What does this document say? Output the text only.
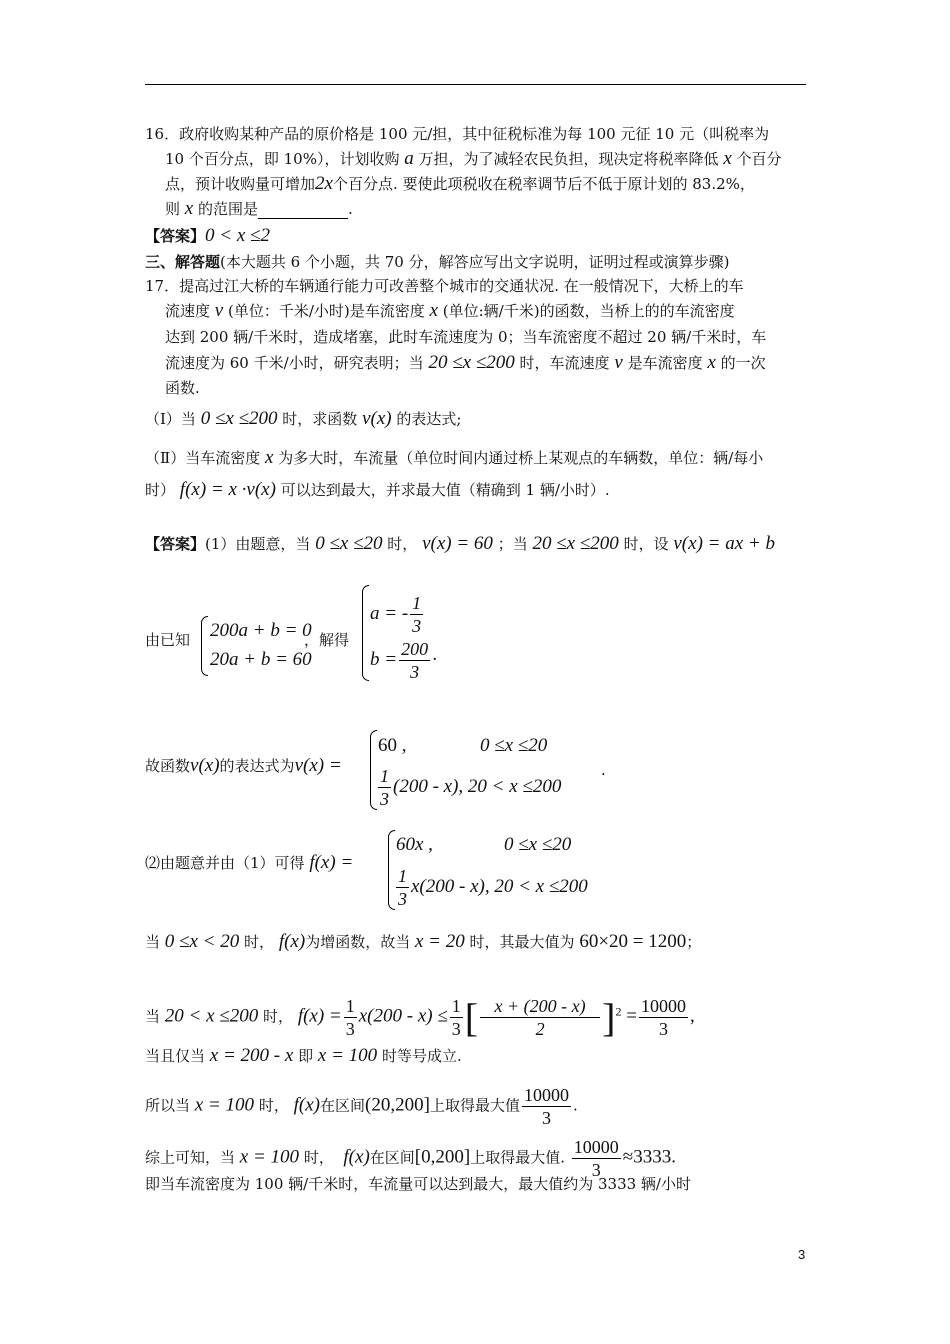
16．政府收购某种产品的原价格是 100 元/担，其中征税标准为每 100 元征 10 元（叫税率为
10 个百分点，即 10%），计划收购 a 万担，为了减轻农民负担，现决定将税率降低 x 个百分
点，预计收购量可增加2x个百分点. 要使此项税收在税率调节后不低于原计划的 83.2%，
则 x 的范围是	.
【答案】0 < x ≤2
三、解答题(本大题共 6 个小题，共 70 分，解答应写出文字说明，证明过程或演算步骤)
17．提高过江大桥的车辆通行能力可改善整个城市的交通状况. 在一般情况下，大桥上的车
流速度 v (单位：千米/小时)是车流密度 x (单位:辆/千米)的函数，当桥上的的车流密度
达到 200 辆/千米时，造成堵塞，此时车流速度为 0；当车流密度不超过 20 辆/千米时，车
流速度为 60 千米/小时，研究表明；当 20 ≤x ≤200 时，车流速度 v 是车流密度 x 的一次
函数.
（Ⅰ）当 0 ≤x ≤200 时，求函数 v(x) 的表达式;
（Ⅱ）当车流密度 x 为多大时，车流量（单位时间内通过桥上某观点的车辆数，单位：辆/每小
时） f(x) = x ·v(x) 可以达到最大，并求最大值（精确到 1 辆/小时）.
【答案】(1）由题意，当 0 ≤x ≤20 时， v(x) = 60 ；当 20 ≤x ≤200 时，设 v(x) = ax + b
由已知 200a + b = 0
20a + b = 60
，解得
a = - $\frac{1}{3}$
$b = \frac{200}{3}$ ·
故函数v(x)的表达式为v(x) =
60 ,	0 ≤x ≤20
$\frac{1}{3} (200 - x)$, 20 < x ≤200
.
⑵由题意并由（1）可得 f(x) =
60x ,	0 ≤x ≤20
$\frac{1}{3} x(200 - x)$, 20 < x ≤200
当 0 ≤x < 20 时， f(x)为增函数，故当 x = 20 时，其最大值为 60×20 = 1200；
当 20 < x ≤200 时， $f(x) = \frac{1}{3} x(200 - x) \le \frac{1}{3}$ [ $\frac{x + (200 - x)}{2} ]^2 = \frac{10000}{3}$ ,
当且仅当 x = 200 - x 即 x = 100 时等号成立.
所以当 x = 100 时， f(x)在区间(20,200]上取得最大值 $\frac{10000}{3}$ .
综上可知，当 x = 100 时， f(x)在区间[0,200]上取得最大值. $\frac{10000}{3} \approx 3333$.
即当车流密度为 100 辆/千米时，车流量可以达到最大，最大值约为 3333 辆/小时
3
